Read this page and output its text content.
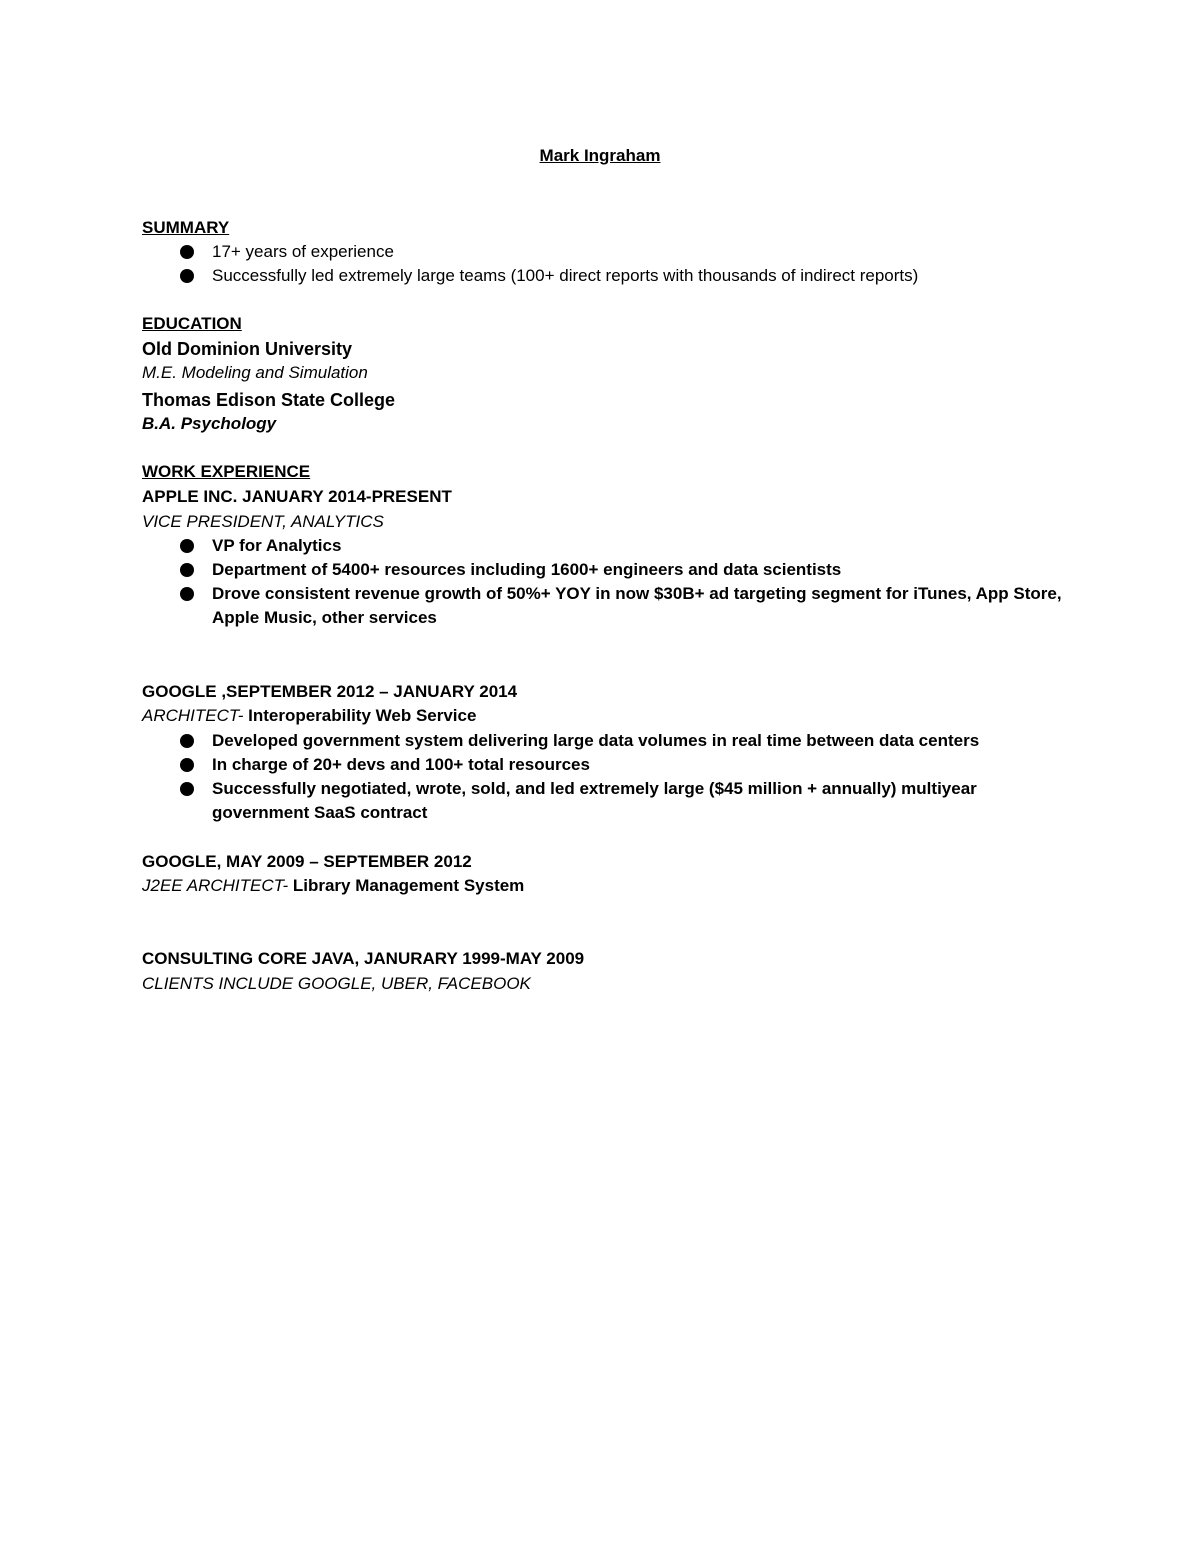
Mark Ingraham
SUMMARY
17+ years of experience
Successfully led extremely large teams (100+ direct reports with thousands of indirect reports)
EDUCATION
Old Dominion University
M.E. Modeling and Simulation
Thomas Edison State College
B.A. Psychology
WORK EXPERIENCE
APPLE INC. JANUARY 2014-PRESENT
VICE PRESIDENT, ANALYTICS
VP for Analytics
Department of 5400+ resources including 1600+ engineers and data scientists
Drove consistent revenue growth of 50%+ YOY in now $30B+ ad targeting segment for iTunes, App Store,
Apple Music, other services
GOOGLE ,SEPTEMBER 2012 – JANUARY 2014
ARCHITECT- Interoperability Web Service
Developed government system delivering large data volumes in real time between data centers
In charge of 20+ devs and 100+ total resources
Successfully negotiated, wrote, sold, and led extremely large ($45 million + annually) multiyear
government SaaS contract
GOOGLE, MAY 2009 – SEPTEMBER 2012
J2EE ARCHITECT- Library Management System
CONSULTING CORE JAVA, JANURARY 1999-MAY 2009
CLIENTS INCLUDE GOOGLE, UBER, FACEBOOK
